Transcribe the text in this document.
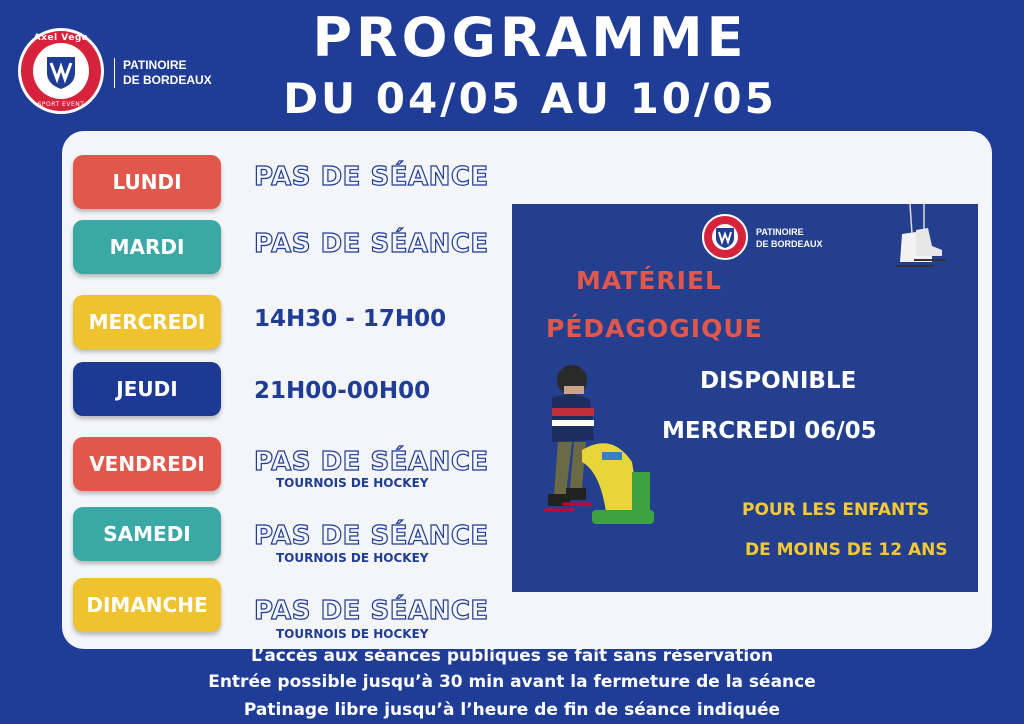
Axel Vega
SPORT EVENT
PATINOIRE
DE BORDEAUX
PROGRAMME
DU 04/05 AU 10/05
LUNDI	PAS DE SÉANCE
MARDI	PAS DE SÉANCE
MERCREDI	14H30 - 17H00
JEUDI	21H00-00H00
VENDREDI	PAS DE SÉANCE
TOURNOIS DE HOCKEY
SAMEDI	PAS DE SÉANCE
TOURNOIS DE HOCKEY
DIMANCHE	PAS DE SÉANCE
TOURNOIS DE HOCKEY
PATINOIRE
DE BORDEAUX
MATÉRIEL
PÉDAGOGIQUE
DISPONIBLE
MERCREDI 06/05
POUR LES ENFANTS
DE MOINS DE 12 ANS
L’accès aux séances publiques se fait sans réservation
Entrée possible jusqu’à 30 min avant la fermeture de la séance
Patinage libre jusqu’à l’heure de fin de séance indiquée
